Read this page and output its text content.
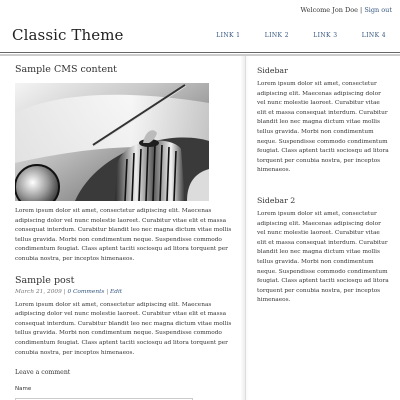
Welcome Jon Doe | Sign out
Classic Theme	LINK 1	LINK 2	LINK 3	LINK 4
Sample CMS content

Lorem ipsum dolor sit amet, consectetur adipiscing elit. Maecenas adipiscing dolor vel nunc molestie laoreet. Curabitur vitae elit et massa consequat interdum. Curabitur blandit leo nec magna dictum vitae mollis tellus gravida. Morbi non condimentum neque. Suspendisse commodo condimentum feugiat. Class aptent taciti sociosqu ad litora torquent per conubia nostra, per inceptos himenaeos.

Sample post
March 21, 2009 | 0 Comments | Edit

Lorem ipsum dolor sit amet, consectetur adipiscing elit. Maecenas adipiscing dolor vel nunc molestie laoreet. Curabitur vitae elit et massa consequat interdum. Curabitur blandit leo nec magna dictum vitae mollis tellus gravida. Morbi non condimentum neque. Suspendisse commodo condimentum feugiat. Class aptent taciti sociosqu ad litora torquent per conubia nostra, per inceptos himenaeos.

Leave a comment
Name
Sidebar

Lorem ipsum dolor sit amet, consectetur adipiscing elit. Maecenas adipiscing dolor vel nunc molestie laoreet. Curabitur vitae elit et massa consequat interdum. Curabitur blandit leo nec magna dictum vitae mollis tellus gravida. Morbi non condimentum neque. Suspendisse commodo condimentum feugiat. Class aptent taciti sociosqu ad litora torquent per conubia nostra, per inceptos himenaeos.

Sidebar 2

Lorem ipsum dolor sit amet, consectetur adipiscing elit. Maecenas adipiscing dolor vel nunc molestie laoreet. Curabitur vitae elit et massa consequat interdum. Curabitur blandit leo nec magna dictum vitae mollis tellus gravida. Morbi non condimentum neque. Suspendisse commodo condimentum feugiat. Class aptent taciti sociosqu ad litora torquent per conubia nostra, per inceptos himenaeos.
